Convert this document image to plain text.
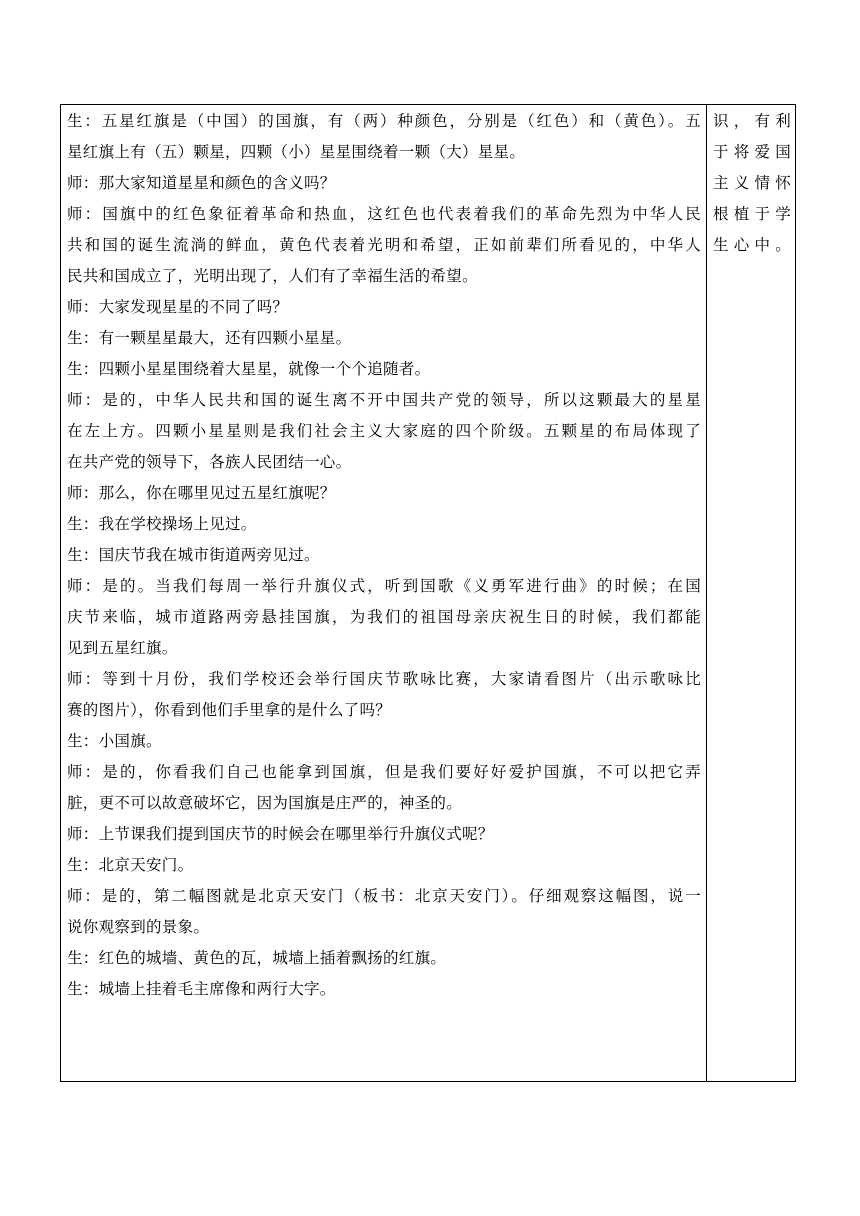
生：五星红旗是（中国）的国旗，有（两）种颜色，分别是（红色）和（黄色）。五
星红旗上有（五）颗星，四颗（小）星星围绕着一颗（大）星星。
师：那大家知道星星和颜色的含义吗？
师：国旗中的红色象征着革命和热血，这红色也代表着我们的革命先烈为中华人民
共和国的诞生流淌的鲜血，黄色代表着光明和希望，正如前辈们所看见的，中华人
民共和国成立了，光明出现了，人们有了幸福生活的希望。
师：大家发现星星的不同了吗？
生：有一颗星星最大，还有四颗小星星。
生：四颗小星星围绕着大星星，就像一个个追随者。
师：是的，中华人民共和国的诞生离不开中国共产党的领导，所以这颗最大的星星
在左上方。四颗小星星则是我们社会主义大家庭的四个阶级。五颗星的布局体现了
在共产党的领导下，各族人民团结一心。
师：那么，你在哪里见过五星红旗呢？
生：我在学校操场上见过。
生：国庆节我在城市街道两旁见过。
师：是的。当我们每周一举行升旗仪式，听到国歌《义勇军进行曲》的时候；在国
庆节来临，城市道路两旁悬挂国旗，为我们的祖国母亲庆祝生日的时候，我们都能
见到五星红旗。
师：等到十月份，我们学校还会举行国庆节歌咏比赛，大家请看图片（出示歌咏比
赛的图片），你看到他们手里拿的是什么了吗？
生：小国旗。
师：是的，你看我们自己也能拿到国旗，但是我们要好好爱护国旗，不可以把它弄
脏，更不可以故意破坏它，因为国旗是庄严的，神圣的。
师：上节课我们提到国庆节的时候会在哪里举行升旗仪式呢？
生：北京天安门。
师：是的，第二幅图就是北京天安门（板书：北京天安门）。仔细观察这幅图，说一
说你观察到的景象。
生：红色的城墙、黄色的瓦，城墙上插着飘扬的红旗。
生：城墙上挂着毛主席像和两行大字。
识，有利
于将爱国
主义情怀
根植于学
生心中。
